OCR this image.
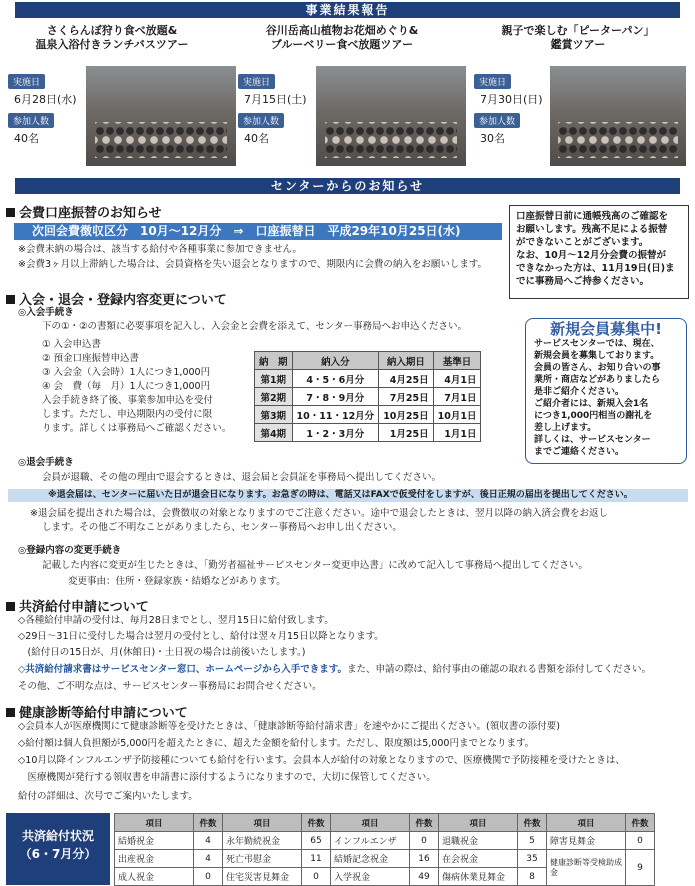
事業結果報告
さくらんぼ狩り食べ放題&
温泉入浴付きランチバスツアー
実施日
6月28日(水)
参加人数
40名
谷川岳高山植物お花畑めぐり&
ブルーベリー食べ放題ツアー
実施日
7月15日(土)
参加人数
40名
親子で楽しむ「ピーターパン」
鑑賞ツアー
実施日
7月30日(日)
参加人数
30名
センターからのお知らせ
会費口座振替のお知らせ
次回会費徴収区分　10月～12月分　⇒　口座振替日　平成29年10月25日(水)
※会費未納の場合は、該当する給付や各種事業に参加できません。
※会費3ヶ月以上滞納した場合は、会員資格を失い退会となりますので、期限内に会費の納入をお願いします。
口座振替日前に通帳残高のご確認を
お願いします。残高不足による振替
ができないことがございます。
なお、10月～12月分会費の振替が
できなかった方は、11月19日(日)ま
でに事務局へご持参ください。
入会・退会・登録内容変更について
◎入会手続き
下の①・②の書類に必要事項を記入し、入会金と会費を添えて、センター事務局へお申込ください。
① 入会申込書
② 預金口座振替申込書
③ 入会金（入会時）1人につき1,000円
④ 会　費（毎　月）1人につき1,000円
入会手続き終了後、事業参加申込を受付
します。ただし、申込期限内の受付に限
ります。詳しくは事務局へご確認ください。
納　期	納入分	納入期日	基準日
第1期	4・5・6月分	4月25日	4月1日
第2期	7・8・9月分	7月25日	7月1日
第3期	10・11・12月分	10月25日	10月1日
第4期	1・2・3月分	1月25日	1月1日
新規会員募集中!
サービスセンターでは、現在、
新規会員を募集しております。
会員の皆さん、お知り合いの事
業所・商店などがありましたら
是非ご紹介ください。
ご紹介者には、新規入会1名
につき1,000円相当の謝礼を
差し上げます。
詳しくは、サービスセンター
までご連絡ください。
◎退会手続き
会員が退職、その他の理由で退会するときは、退会届と会員証を事務局へ提出してください。
※退会届は、センターに届いた日が退会日になります。お急ぎの時は、電話又はFAXで仮受付をしますが、後日正規の届出を提出してください。
※退会届を提出された場合は、会費徴収の対象となりますのでご注意ください。途中で退会したときは、翌月以降の納入済会費をお返し
します。その他ご不明なことがありましたら、センター事務局へお申し出ください。
◎登録内容の変更手続き
記載した内容に変更が生じたときは、「勤労者福祉サービスセンター変更申込書」に改めて記入して事務局へ提出してください。
変更事由：住所・登録家族・結婚などがあります。
共済給付申請について
◇各種給付申請の受付は、毎月28日までとし、翌月15日に給付致します。
◇29日～31日に受付した場合は翌月の受付とし、給付は翌々月15日以降となります。
　(給付日の15日が、月(休館日)・土日祝の場合は前後いたします。)
◇共済給付請求書はサービスセンター窓口、ホームページから入手できます。また、申請の際は、給付事由の確認の取れる書類を添付してください。
その他、ご不明な点は、サービスセンター事務局にお問合せください。
健康診断等給付申請について
◇会員本人が医療機関にて健康診断等を受けたときは、「健康診断等給付請求書」を速やかにご提出ください。(領収書の添付要)
◇給付額は個人負担額が5,000円を超えたときに、超えた金額を給付します。ただし、限度額は5,000円までとなります。
◇10月以降インフルエンザ予防接種についても給付を行います。会員本人が給付の対象となりますので、医療機関で予防接種を受けたときは、
　医療機関が発行する領収書を申請書に添付するようになりますので、大切に保管してください。
給付の詳細は、次号でご案内いたします。
共済給付状況
（6・7月分）
項目	件数	項目	件数	項目	件数	項目	件数	項目	件数
結婚祝金	4	永年勤続祝金	65	インフルエンザ	0	退職祝金	5	障害見舞金	0
出産祝金	4	死亡弔慰金	11	結婚記念祝金	16	在会祝金	35	健康診断等受検助成金	9
成人祝金	0	住宅災害見舞金	0	入学祝金	49	傷病休業見舞金	8		
